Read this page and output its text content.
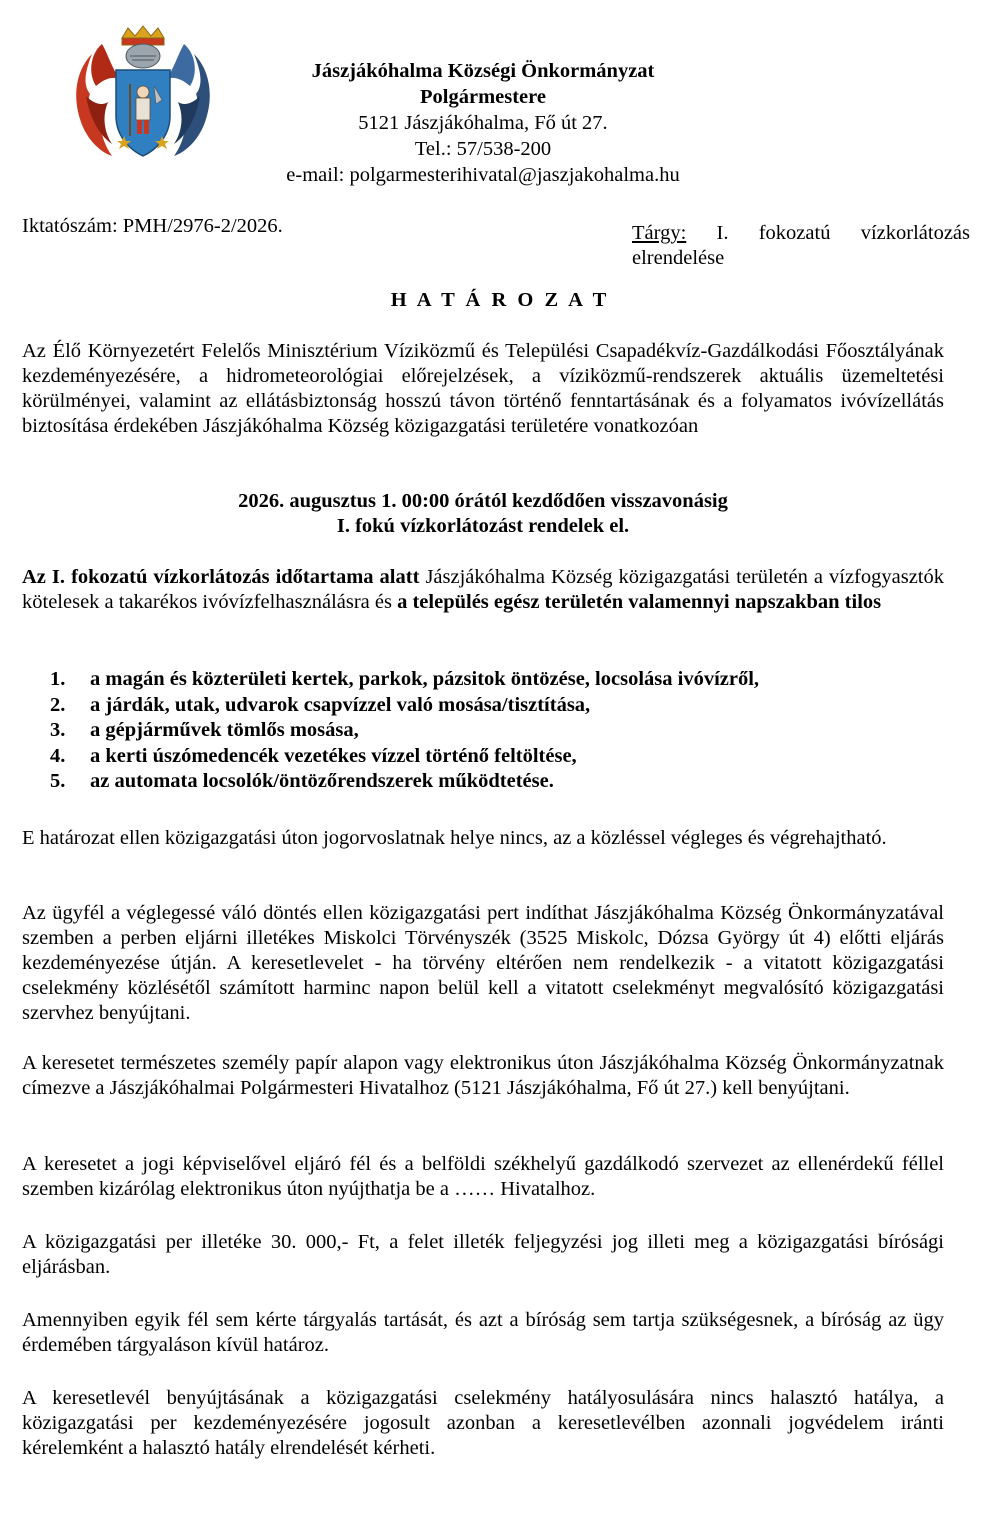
Jászjákóhalma Községi Önkormányzat
Polgármestere
5121 Jászjákóhalma, Fő út 27.
Tel.: 57/538-200
e-mail: polgarmesterihivatal@jaszjakohalma.hu
Iktatószám: PMH/2976-2/2026.	Tárgy: I. fokozatú vízkorlátozás elrendelése
H A T Á R O Z A T
Az Élő Környezetért Felelős Minisztérium Víziközmű és Települési Csapadékvíz-Gazdálkodási Főosztályának kezdeményezésére, a hidrometeorológiai előrejelzések, a víziközmű-rendszerek aktuális üzemeltetési körülményei, valamint az ellátásbiztonság hosszú távon történő fenntartásának és a folyamatos ivóvízellátás biztosítása érdekében Jászjákóhalma Község közigazgatási területére vonatkozóan
2026. augusztus 1. 00:00 órától kezdődően visszavonásig
I. fokú vízkorlátozást rendelek el.
Az I. fokozatú vízkorlátozás időtartama alatt Jászjákóhalma Község közigazgatási területén a vízfogyasztók kötelesek a takarékos ivóvízfelhasználásra és a település egész területén valamennyi napszakban tilos
1.	a magán és közterületi kertek, parkok, pázsitok öntözése, locsolása ivóvízről,
2.	a járdák, utak, udvarok csapvízzel való mosása/tisztítása,
3.	a gépjárművek tömlős mosása,
4.	a kerti úszómedencék vezetékes vízzel történő feltöltése,
5.	az automata locsolók/öntözőrendszerek működtetése.
E határozat ellen közigazgatási úton jogorvoslatnak helye nincs, az a közléssel végleges és végrehajtható.
Az ügyfél a véglegessé váló döntés ellen közigazgatási pert indíthat Jászjákóhalma Község Önkormányzatával szemben a perben eljárni illetékes Miskolci Törvényszék (3525 Miskolc, Dózsa György út 4) előtti eljárás kezdeményezése útján. A keresetlevelet - ha törvény eltérően nem rendelkezik - a vitatott közigazgatási cselekmény közlésétől számított harminc napon belül kell a vitatott cselekményt megvalósító közigazgatási szervhez benyújtani.
A keresetet természetes személy papír alapon vagy elektronikus úton Jászjákóhalma Község Önkormányzatnak címezve a Jászjákóhalmai Polgármesteri Hivatalhoz (5121 Jászjákóhalma, Fő út 27.) kell benyújtani.
A keresetet a jogi képviselővel eljáró fél és a belföldi székhelyű gazdálkodó szervezet az ellenérdekű féllel szemben kizárólag elektronikus úton nyújthatja be a …… Hivatalhoz.
A közigazgatási per illetéke 30. 000,- Ft, a felet illeték feljegyzési jog illeti meg a közigazgatási bírósági eljárásban.
Amennyiben egyik fél sem kérte tárgyalás tartását, és azt a bíróság sem tartja szükségesnek, a bíróság az ügy érdemében tárgyaláson kívül határoz.
A keresetlevél benyújtásának a közigazgatási cselekmény hatályosulására nincs halasztó hatálya, a közigazgatási per kezdeményezésére jogosult azonban a keresetlevélben azonnali jogvédelem iránti kérelemként a halasztó hatály elrendelését kérheti.
